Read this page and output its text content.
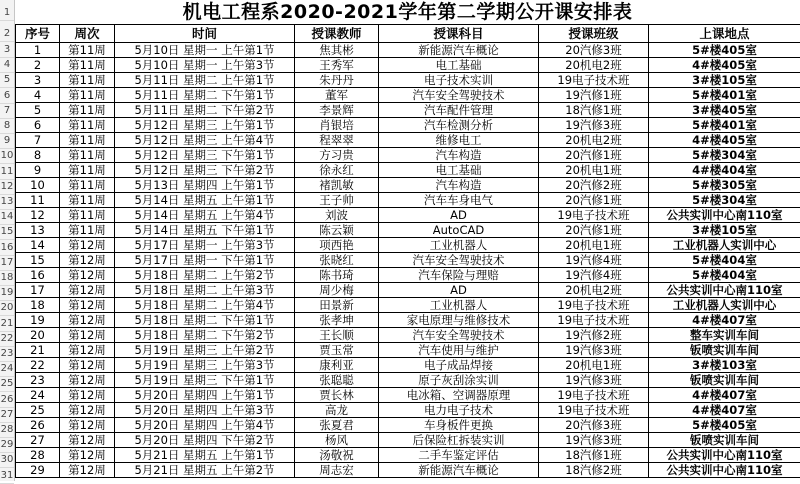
1
2
3
4
5
6
7
8
9
10
11
12
13
14
15
16
17
18
19
20
21
22
23
24
25
26
27
28
29
30
31
机电工程系2020-2021学年第二学期公开课安排表
序号	周次	时间	授课教师	授课科目	授课班级	上课地点
1	第11周	5月10日 星期一 上午第1节	焦其彬	新能源汽车概论	20汽修3班	5#楼405室
2	第11周	5月10日 星期一 上午第3节	王秀军	电工基础	20机电2班	4#楼405室
3	第11周	5月11日 星期二 上午第1节	朱丹丹	电子技术实训	19电子技术班	3#楼105室
4	第11周	5月11日 星期二 下午第1节	董军	汽车安全驾驶技术	19汽修1班	5#楼401室
5	第11周	5月11日 星期二 下午第2节	李景辉	汽车配件管理	18汽修1班	3#楼405室
6	第11周	5月12日 星期三 上午第1节	肖银培	汽车检测分析	19汽修3班	5#楼401室
7	第11周	5月12日 星期三 上午第4节	程翠翠	维修电工	20机电2班	4#楼405室
8	第11周	5月12日 星期三 下午第1节	方习贵	汽车构造	20汽修1班	5#楼304室
9	第11周	5月12日 星期三 下午第2节	徐永红	电工基础	20机电1班	4#楼404室
10	第11周	5月13日 星期四 上午第1节	褚凯敏	汽车构造	20汽修2班	5#楼305室
11	第11周	5月14日 星期五 上午第1节	王子帅	汽车车身电气	20汽修1班	5#楼304室
12	第11周	5月14日 星期五 上午第4节	刘波	AD	19电子技术班	公共实训中心南110室
13	第11周	5月14日 星期五 下午第1节	陈云颖	AutoCAD	20汽修1班	3#楼105室
14	第12周	5月17日 星期一 上午第3节	项西艳	工业机器人	20机电1班	工业机器人实训中心
15	第12周	5月17日 星期一 下午第1节	张晓红	汽车安全驾驶技术	19汽修4班	5#楼404室
16	第12周	5月18日 星期二 上午第2节	陈书琦	汽车保险与理赔	19汽修4班	5#楼404室
17	第12周	5月18日 星期二 上午第3节	周少梅	AD	20机电2班	公共实训中心南110室
18	第12周	5月18日 星期二 上午第4节	田景新	工业机器人	19电子技术班	工业机器人实训中心
19	第12周	5月18日 星期二 下午第1节	张孝坤	家电原理与维修技术	19电子技术班	4#楼407室
20	第12周	5月18日 星期二 下午第2节	王长顺	汽车安全驾驶技术	19汽修2班	整车实训车间
21	第12周	5月19日 星期三 上午第2节	贾玉常	汽车使用与维护	19汽修3班	钣喷实训车间
22	第12周	5月19日 星期三 上午第3节	康利亚	电子成品焊接	20机电1班	3#楼103室
23	第12周	5月19日 星期三 下午第1节	张聪聪	原子灰刮涂实训	19汽修3班	钣喷实训车间
24	第12周	5月20日 星期四 上午第1节	贾长林	电冰箱、空调器原理	19电子技术班	4#楼407室
25	第12周	5月20日 星期四 上午第3节	高龙	电力电子技术	19电子技术班	4#楼407室
26	第12周	5月20日 星期四 上午第4节	张夏君	车身板件更换	20汽修3班	5#楼405室
27	第12周	5月20日 星期四 下午第2节	杨风	后保险杠拆装实训	19汽修3班	钣喷实训车间
28	第12周	5月21日 星期五 上午第1节	汤敬祝	二手车鉴定评估	18汽修1班	公共实训中心南110室
29	第12周	5月21日 星期五 上午第2节	周志宏	新能源汽车概论	18汽修2班	公共实训中心南110室
